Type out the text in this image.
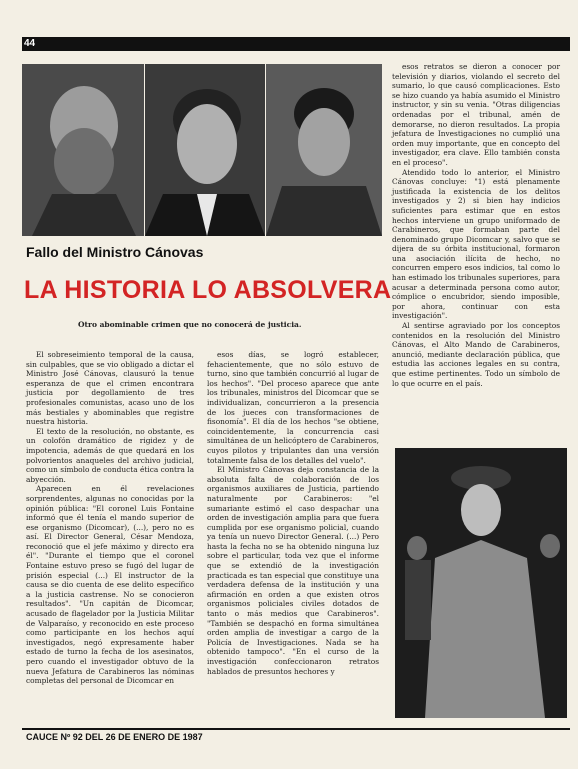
44
Fallo del Ministro Cánovas
LA HISTORIA LO ABSOLVERA
Otro abominable crimen que no conocerá de justicia.

El sobreseimiento temporal de la causa, sin culpables, que se vio obligado a dictar el Ministro José Cánovas, clausuró la tenue esperanza de que el crimen encontrara justicia por degollamiento de tres profesionales comunistas, acaso uno de los más bestiales y abominables que registre nuestra historia.

El texto de la resolución, no obstante, es un colofón dramático de rigidez y de impotencia, además de que quedará en los polvorientos anaqueles del archivo judicial, como un símbolo de conducta ética contra la abyección.

Aparecen en él revelaciones sorprendentes, algunas no conocidas por la opinión pública: "El coronel Luis Fontaine informó que él tenía el mando superior de ese organismo (Dicomcar), (...), pero no es así. El Director General, César Mendoza, reconoció que el jefe máximo y directo era él". "Durante el tiempo que el coronel Fontaine estuvo preso se fugó del lugar de prisión especial (...) El instructor de la causa se dio cuenta de ese delito específico a la justicia castrense. No se conocieron resultados". "Un capitán de Dicomcar, acusado de flagelador por la Justicia Militar de Valparaíso, y reconocido en este proceso como participante en los hechos aquí investigados, negó expresamente haber estado de turno la fecha de los asesinatos, pero cuando el investigador obtuvo de la nueva Jefatura de Carabineros las nóminas completas del personal de Dicomcar en

esos días, se logró establecer, fehacientemente, que no sólo estuvo de turno, sino que también concurrió al lugar de los hechos". "Del proceso aparece que ante los tribunales, ministros del Dicomcar que se individualizan, concurrieron a la presencia de los jueces con transformaciones de fisonomía". El día de los hechos "se obtiene, coincidentemente, la concurrencia casi simultánea de un helicóptero de Carabineros, cuyos pilotos y tripulantes dan una versión totalmente falsa de los detalles del vuelo".

El Ministro Cánovas deja constancia de la absoluta falta de colaboración de los organismos auxiliares de Justicia, partiendo naturalmente por Carabineros: "el sumariante estimó el caso despachar una orden de investigación amplia para que fuera cumplida por ese organismo policial, cuando ya tenía un nuevo Director General. (...) Pero hasta la fecha no se ha obtenido ninguna luz sobre el particular, toda vez que el informe que se extendió de la investigación practicada es tan especial que constituye una verdadera defensa de la institución y una afirmación en orden a que existen otros organismos policiales civiles dotados de tanto o más medios que Carabineros". "También se despachó en forma simultánea orden amplia de investigar a cargo de la Policía de Investigaciones. Nada se ha obtenido tampoco". "En el curso de la investigación confeccionaron retratos hablados de presuntos hechores y

esos retratos se dieron a conocer por televisión y diarios, violando el secreto del sumario, lo que causó complicaciones. Esto se hizo cuando ya había asumido el Ministro instructor, y sin su venia. "Otras diligencias ordenadas por el tribunal, amén de demorarse, no dieron resultados. La propia jefatura de Investigaciones no cumplió una orden muy importante, que en concepto del investigador, era clave. Ello también consta en el proceso".

Atendido todo lo anterior, el Ministro Cánovas concluye: "1) está plenamente justificada la existencia de los delitos investigados y 2) si bien hay indicios suficientes para estimar que en estos hechos interviene un grupo uniformado de Carabineros, que formaban parte del denominado grupo Dicomcar y, salvo que se dijera de su órbita institucional, formaron una asociación ilícita de hecho, no concurren empero esos indicios, tal como lo han estimado los tribunales superiores, para acusar a determinada persona como autor, cómplice o encubridor, siendo imposible, por ahora, continuar con esta investigación".

Al sentirse agraviado por los conceptos contenidos en la resolución del Ministro Cánovas, el Alto Mando de Carabineros, anunció, mediante declaración pública, que estudia las acciones legales en su contra, que estime pertinentes. Todo un símbolo de lo que ocurre en el país.

CAUCE Nº 92 DEL 26 DE ENERO DE 1987
